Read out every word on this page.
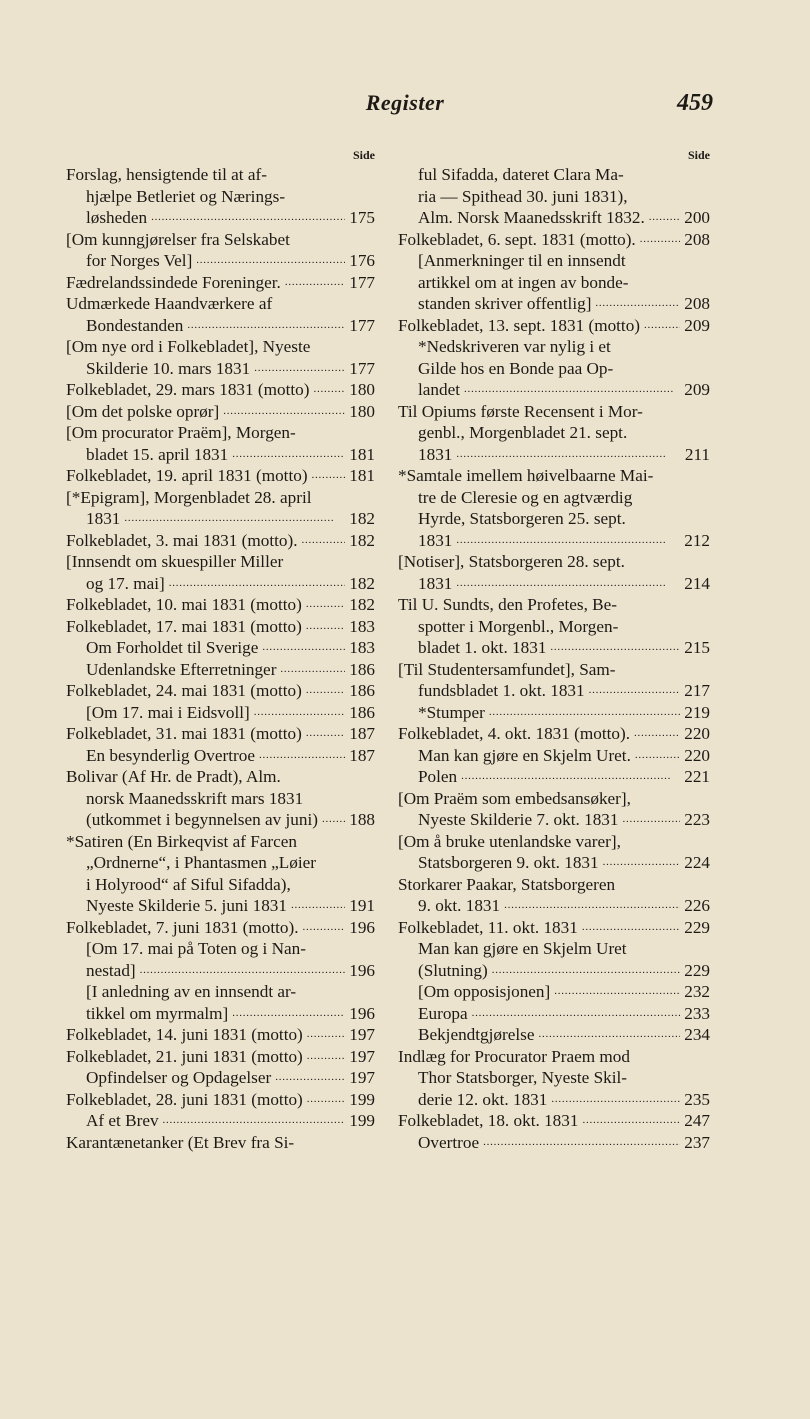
Register	459
Side
Forslag, hensigtende til at af-
hjælpe Betleriet og Nærings-
løsheden . . .	175
[Om kunngjørelser fra Selskabet
for Norges Vel] . . .	176
Fædrelandssindede Foreninger. . . .	177
Udmærkede Haandværkere af
Bondestanden . . .	177
[Om nye ord i Folkebladet], Nyeste
Skilderie 10. mars 1831 . . .	177
Folkebladet, 29. mars 1831 (motto) . . . 180
[Om det polske oprør] . . .	180
[Om procurator Praëm], Morgen-
bladet 15. april 1831 . . .	181
Folkebladet, 19. april 1831 (motto) . . . 181
[*Epigram], Morgenbladet 28. april
1831 . . .	182
Folkebladet, 3. mai 1831 (motto). . . .	182
[Innsendt om skuespiller Miller
og 17. mai] . . .	182
Folkebladet, 10. mai 1831 (motto) . . .	182
Folkebladet, 17. mai 1831 (motto) . . .	183
Om Forholdet til Sverige . . .	183
Udenlandske Efterretninger . . .	186
Folkebladet, 24. mai 1831 (motto) . . .	186
[Om 17. mai i Eidsvoll] . . .	186
Folkebladet, 31. mai 1831 (motto) . . .	187
En besynderlig Overtroe . . .	187
Bolivar (Af Hr. de Pradt), Alm.
norsk Maanedsskrift mars 1831
(utkommet i begynnelsen av juni) . . . 188
*Satiren (En Birkeqvist af Farcen
„Ordnerne“, i Phantasmen „Løier
i Holyrood“ af Siful Sifadda),
Nyeste Skilderie 5. juni 1831 . . .	191
Folkebladet, 7. juni 1831 (motto). . . .	196
[Om 17. mai på Toten og i Nan-
nestad] . . .	196
[I anledning av en innsendt ar-
tikkel om myrmalm] . . .	196
Folkebladet, 14. juni 1831 (motto) . . .	197
Folkebladet, 21. juni 1831 (motto) . . .	197
Opfindelser og Opdagelser . . .	197
Folkebladet, 28. juni 1831 (motto) . . .	199
Af et Brev . . .	199
Karantænetanker (Et Brev fra Si-
Side
ful Sifadda, dateret Clara Ma-
ria — Spithead 30. juni 1831),
Alm. Norsk Maanedsskrift 1832. . . . 200
Folkebladet, 6. sept. 1831 (motto). . . .	208
[Anmerkninger til en innsendt
artikkel om at ingen av bonde-
standen skriver offentlig] . . .	208
Folkebladet, 13. sept. 1831 (motto) . . .	209
*Nedskriveren var nylig i et
Gilde hos en Bonde paa Op-
landet . . .	209
Til Opiums første Recensent i Mor-
genbl., Morgenbladet 21. sept.
1831 . . .	211
*Samtale imellem høivelbaarne Mai-
tre de Cleresie og en agtværdig
Hyrde, Statsborgeren 25. sept.
1831 . . .	212
[Notiser], Statsborgeren 28. sept.
1831 . . .	214
Til U. Sundts, den Profetes, Be-
spotter i Morgenbl., Morgen-
bladet 1. okt. 1831 . . .	215
[Til Studentersamfundet], Sam-
fundsbladet 1. okt. 1831 . . .	217
*Stumper . . .	219
Folkebladet, 4. okt. 1831 (motto). . . .	220
Man kan gjøre en Skjelm Uret. . . .	220
Polen . . .	221
[Om Praëm som embedsansøker],
Nyeste Skilderie 7. okt. 1831 . . .	223
[Om å bruke utenlandske varer],
Statsborgeren 9. okt. 1831 . . .	224
Storkarer Paakar, Statsborgeren
9. okt. 1831 . . .	226
Folkebladet, 11. okt. 1831 . . .	229
Man kan gjøre en Skjelm Uret
(Slutning) . . .	229
[Om opposisjonen] . . .	232
Europa . . .	233
Bekjendtgjørelse . . .	234
Indlæg for Procurator Praem mod
Thor Statsborger, Nyeste Skil-
derie 12. okt. 1831 . . .	235
Folkebladet, 18. okt. 1831 . . .	247
Overtroe . . .	237
